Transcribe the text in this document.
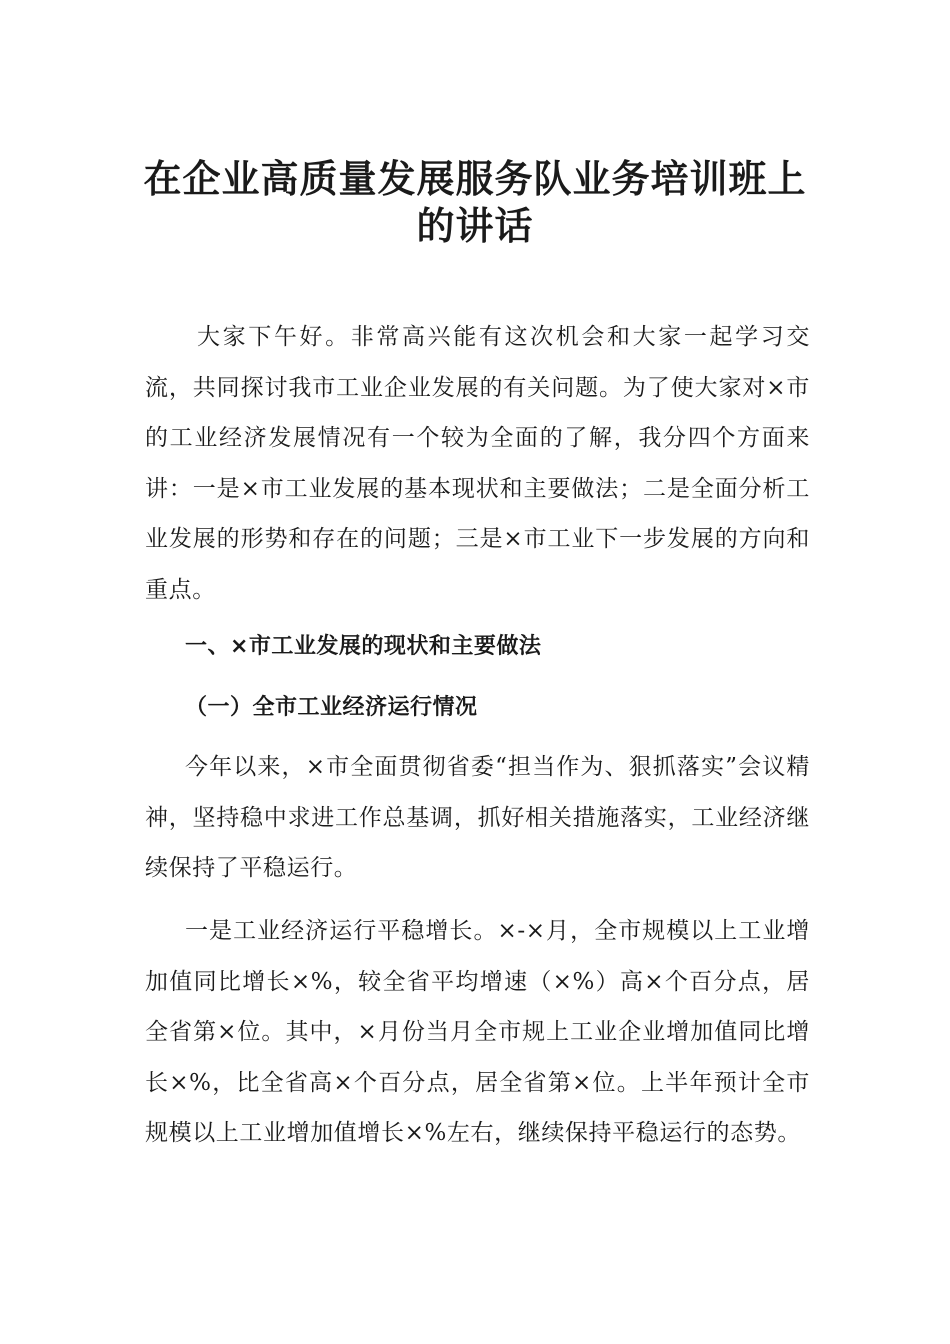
在企业高质量发展服务队业务培训班上
的讲话

大家下午好。非常高兴能有这次机会和大家一起学习交流，共同探讨我市工业企业发展的有关问题。为了使大家对×市的工业经济发展情况有一个较为全面的了解，我分四个方面来讲：一是×市工业发展的基本现状和主要做法；二是全面分析工业发展的形势和存在的问题；三是×市工业下一步发展的方向和重点。

一、×市工业发展的现状和主要做法
（一）全市工业经济运行情况

今年以来，×市全面贯彻省委“担当作为、狠抓落实”会议精神，坚持稳中求进工作总基调，抓好相关措施落实，工业经济继续保持了平稳运行。

一是工业经济运行平稳增长。×-×月，全市规模以上工业增加值同比增长×%，较全省平均增速（×%）高×个百分点，居全省第×位。其中，×月份当月全市规上工业企业增加值同比增长×%，比全省高×个百分点，居全省第×位。上半年预计全市规模以上工业增加值增长×%左右，继续保持平稳运行的态势。
